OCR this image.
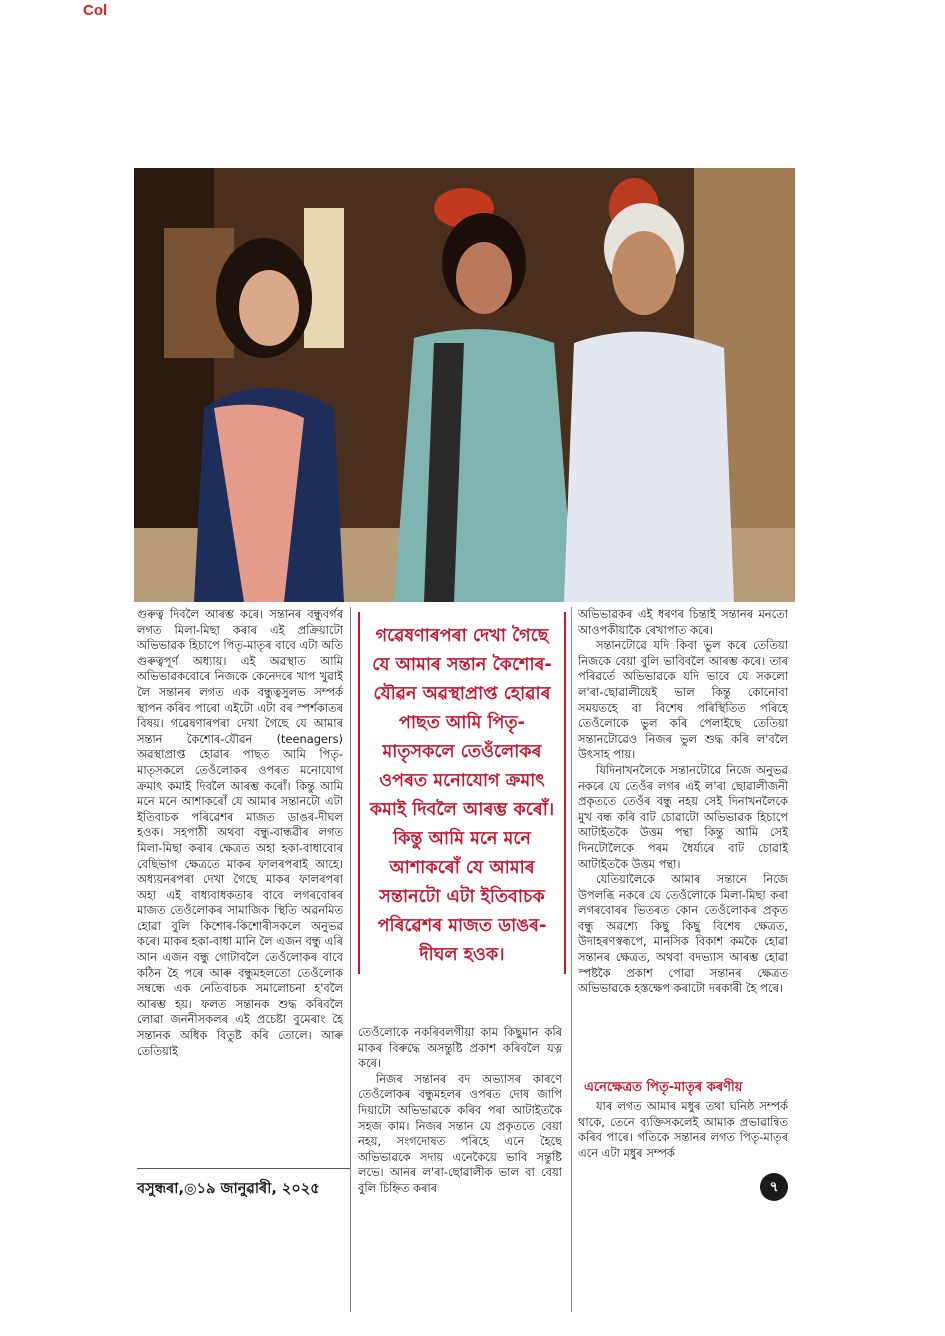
Col

গুৰুত্ব দিবলৈ আৰম্ভ কৰে। সন্তানৰ বন্ধুবৰ্গৰ লগত মিলা-মিছা কৰাৰ এই প্ৰক্ৰিয়াটো অভিভাৱক হিচাপে পিতৃ-মাতৃৰ বাবে এটা অতি গুৰুত্বপূৰ্ণ অধ্যায়। এই অৱস্থাত আমি অভিভাৱকবোৰে নিজকে কেনেদৰে খাপ খুৱাই লৈ সন্তানৰ লগত এক বন্ধুত্বসুলভ সম্পৰ্ক স্থাপন কৰিব পাৰো এইটো এটা বৰ স্পৰ্শকাতৰ বিষয়। গৱেষণাৰপৰা দেখা গৈছে যে আমাৰ সন্তান কৈশোৰ-যৌৱন (teenagers) অৱস্থাপ্ৰাপ্ত হোৱাৰ পাছত আমি পিতৃ-মাতৃসকলে তেওঁলোকৰ ওপৰত মনোযোগ ক্ৰমাৎ কমাই দিবলৈ আৰম্ভ কৰোঁ। কিন্তু আমি মনে মনে আশাকৰোঁ যে আমাৰ সন্তানটো এটা ইতিবাচক পৰিৱেশৰ মাজত ডাঙৰ-দীঘল হওক। সহপাঠী অথবা বন্ধু-বান্ধৱীৰ লগত মিলা-মিছা কৰাৰ ক্ষেত্ৰত অহা হকা-বাধাবোৰ বেছিভাগ ক্ষেত্ৰতে মাকৰ ফালৰপৰাই আহে। অধ্যয়নৰপৰা দেখা গৈছে মাকৰ ফালৰপৰা অহা এই বাধ্যবাধকতাৰ বাবে লগৰবোৰৰ মাজত তেওঁলোকৰ সামাজিক স্থিতি অৱনমিত হোৱা বুলি কিশোৰ-কিশোৰীসকলে অনুভৱ কৰে। মাকৰ হকা-বাধা মানি লৈ এজন বন্ধু এৰি আন এজন বন্ধু গোটাবলৈ তেওঁলোকৰ বাবে কঠিন হৈ পৰে আৰু বন্ধুমহলতো তেওঁলোক সম্বন্ধে এক নেতিবাচক সমালোচনা হ'বলৈ আৰম্ভ হয়। ফলত সন্তানক শুদ্ধ কৰিবলৈ লোৱা জননীসকলৰ এই প্ৰচেষ্টা বুমেৰাং হৈ সন্তানক অধিক বিতুষ্ট কৰি তোলে। আৰু তেতিয়াই

গৱেষণাৰপৰা দেখা গৈছে যে আমাৰ সন্তান কৈশোৰ-যৌৱন অৱস্থাপ্ৰাপ্ত হোৱাৰ পাছত আমি পিতৃ-মাতৃসকলে তেওঁলোকৰ ওপৰত মনোযোগ ক্ৰমাৎ কমাই দিবলৈ আৰম্ভ কৰোঁ। কিন্তু আমি মনে মনে আশাকৰোঁ যে আমাৰ সন্তানটো এটা ইতিবাচক পৰিৱেশৰ মাজত ডাঙৰ-দীঘল হওক।

তেওঁলোকে নকৰিবলগীয়া কাম কিছুমান কৰি মাকৰ বিৰুদ্ধে অসন্তুষ্টি প্ৰকাশ কৰিবলৈ যত্ন কৰে।

নিজৰ সন্তানৰ বদ অভ্যাসৰ কাৰণে তেওঁলোকৰ বন্ধুমহলৰ ওপৰত দোষ জাপি দিয়াটো অভিভাৱকে কৰিব পৰা আটাইতকৈ সহজ কাম। নিজৰ সন্তান যে প্ৰকৃততে বেয়া নহয়, সংগদোষত পৰিহে এনে হৈছে অভিভাৱকে সদায় এনেকৈয়ে ভাবি সন্তুষ্টি লভে। আনৰ ল'ৰা-ছোৱালীক ভাল বা বেয়া বুলি চিহ্নিত কৰাৰ

অভিভাৱকৰ এই ধৰণৰ চিন্তাই সন্তানৰ মনতো আওপকীয়াকৈ ৰেখাপাত কৰে।

সন্তানটোৱে যদি কিবা ভুল কৰে তেতিয়া নিজকে বেয়া বুলি ভাবিবলৈ আৰম্ভ কৰে। তাৰ পৰিৱৰ্তে অভিভাৱকে যদি ভাবে যে সকলো ল'ৰা-ছোৱালীয়েই ভাল কিন্তু কোনোবা সময়তহে বা বিশেষ পৰিস্থিতিত পৰিহে তেওঁলোকে ভুল কৰি পেলাইছে তেতিয়া সন্তানটোৱেও নিজৰ ভুল শুদ্ধ কৰি ল'বলৈ উৎসাহ পায়।

যিদিনাখনলৈকে সন্তানটোৱে নিজে অনুভৱ নকৰে যে তেওঁৰ লগৰ এই ল'ৰা ছোৱালীজনী প্ৰকৃততে তেওঁৰ বন্ধু নহয় সেই দিনাখনলৈকে মুখ বন্ধ কৰি বাট চোৱাটো অভিভাৱক হিচাপে আটাইতকৈ উত্তম পন্থা কিন্তু আমি সেই দিনটোলৈকে পৰম ধৈৰ্য্যৰে বাট চোৱাই আটাইতকৈ উত্তম পন্থা।

যেতিয়ালৈকে আমাৰ সন্তানে নিজে উপলব্ধি নকৰে যে তেওঁলোকে মিলা-মিছা কৰা লগৰবোৰৰ ভিতৰত কোন তেওঁলোকৰ প্ৰকৃত বন্ধু অৱশ্যে কিছু কিছু বিশেষ ক্ষেত্ৰত, উদাহৰণস্বৰূপে, মানসিক বিকাশ কমকৈ হোৱা সন্তানৰ ক্ষেত্ৰত, অথবা বদভ্যাস আৰম্ভ হোৱা স্পষ্টকৈ প্ৰকাশ পোৱা সন্তানৰ ক্ষেত্ৰত অভিভাৱকে হস্তক্ষেপ কৰাটো দৰকাৰী হৈ পৰে।

এনেক্ষেত্ৰত পিতৃ-মাতৃৰ কৰণীয়

যাৰ লগত আমাৰ মধুৰ তথা ঘনিষ্ঠ সম্পৰ্ক থাকে, তেনে ব্যক্তিসকলেই আমাক প্ৰভাৱান্বিত কৰিব পাৰে। গতিকে সন্তানৰ লগত পিতৃ-মাতৃৰ এনে এটা মধুৰ সম্পৰ্ক

বসুন্ধৰা,◎১৯ জানুৱাৰী, ২০২৫	৭
